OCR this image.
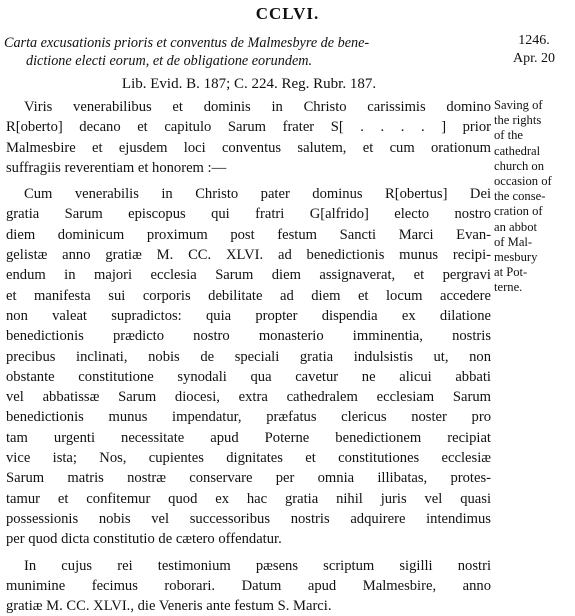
CCLVI.
Carta excusationis prioris et conventus de Malmesbyre de bene-
dictione electi eorum, et de obligatione eorundem.
1246.
Apr. 20
Lib. Evid. B. 187; C. 224. Reg. Rubr. 187.
Viris venerabilibus et dominis in Christo carissimis domino
R[oberto] decano et capitulo Sarum frater S[ . . . . ] prior
Malmesbire et ejusdem loci conventus salutem, et cum orationum
suffragiis reverentiam et honorem :—
Cum venerabilis in Christo pater dominus R[obertus] Dei
gratia Sarum episcopus qui fratri G[alfrido] electo nostro
diem dominicum proximum post festum Sancti Marci Evan-
gelistæ anno gratiæ M. CC. XLVI. ad benedictionis munus recipi-
endum in majori ecclesia Sarum diem assignaverat, et pergravi
et manifesta sui corporis debilitate ad diem et locum accedere
non valeat supradictos: quia propter dispendia ex dilatione
benedictionis prædicto nostro monasterio imminentia, nostris
precibus inclinati, nobis de speciali gratia indulsistis ut, non
obstante constitutione synodali qua cavetur ne alicui abbati
vel abbatissæ Sarum diocesi, extra cathedralem ecclesiam Sarum
benedictionis munus impendatur, præfatus clericus noster pro
tam urgenti necessitate apud Poterne benedictionem recipiat
vice ista; Nos, cupientes dignitates et constitutiones ecclesiæ
Sarum matris nostræ conservare per omnia illibatas, protes-
tamur et confitemur quod ex hac gratia nihil juris vel quasi
possessionis nobis vel successoribus nostris adquirere intendimus
per quod dicta constitutio de cætero offendatur.
In cujus rei testimonium pæsens scriptum sigilli nostri
munimine fecimus roborari. Datum apud Malmesbire, anno
gratiæ M. CC. XLVI., die Veneris ante festum S. Marci.
Saving of
the rights
of the
cathedral
church on
occasion of
the conse-
cration of
an abbot
of Mal-
mesbury
at Pot-
terne.
